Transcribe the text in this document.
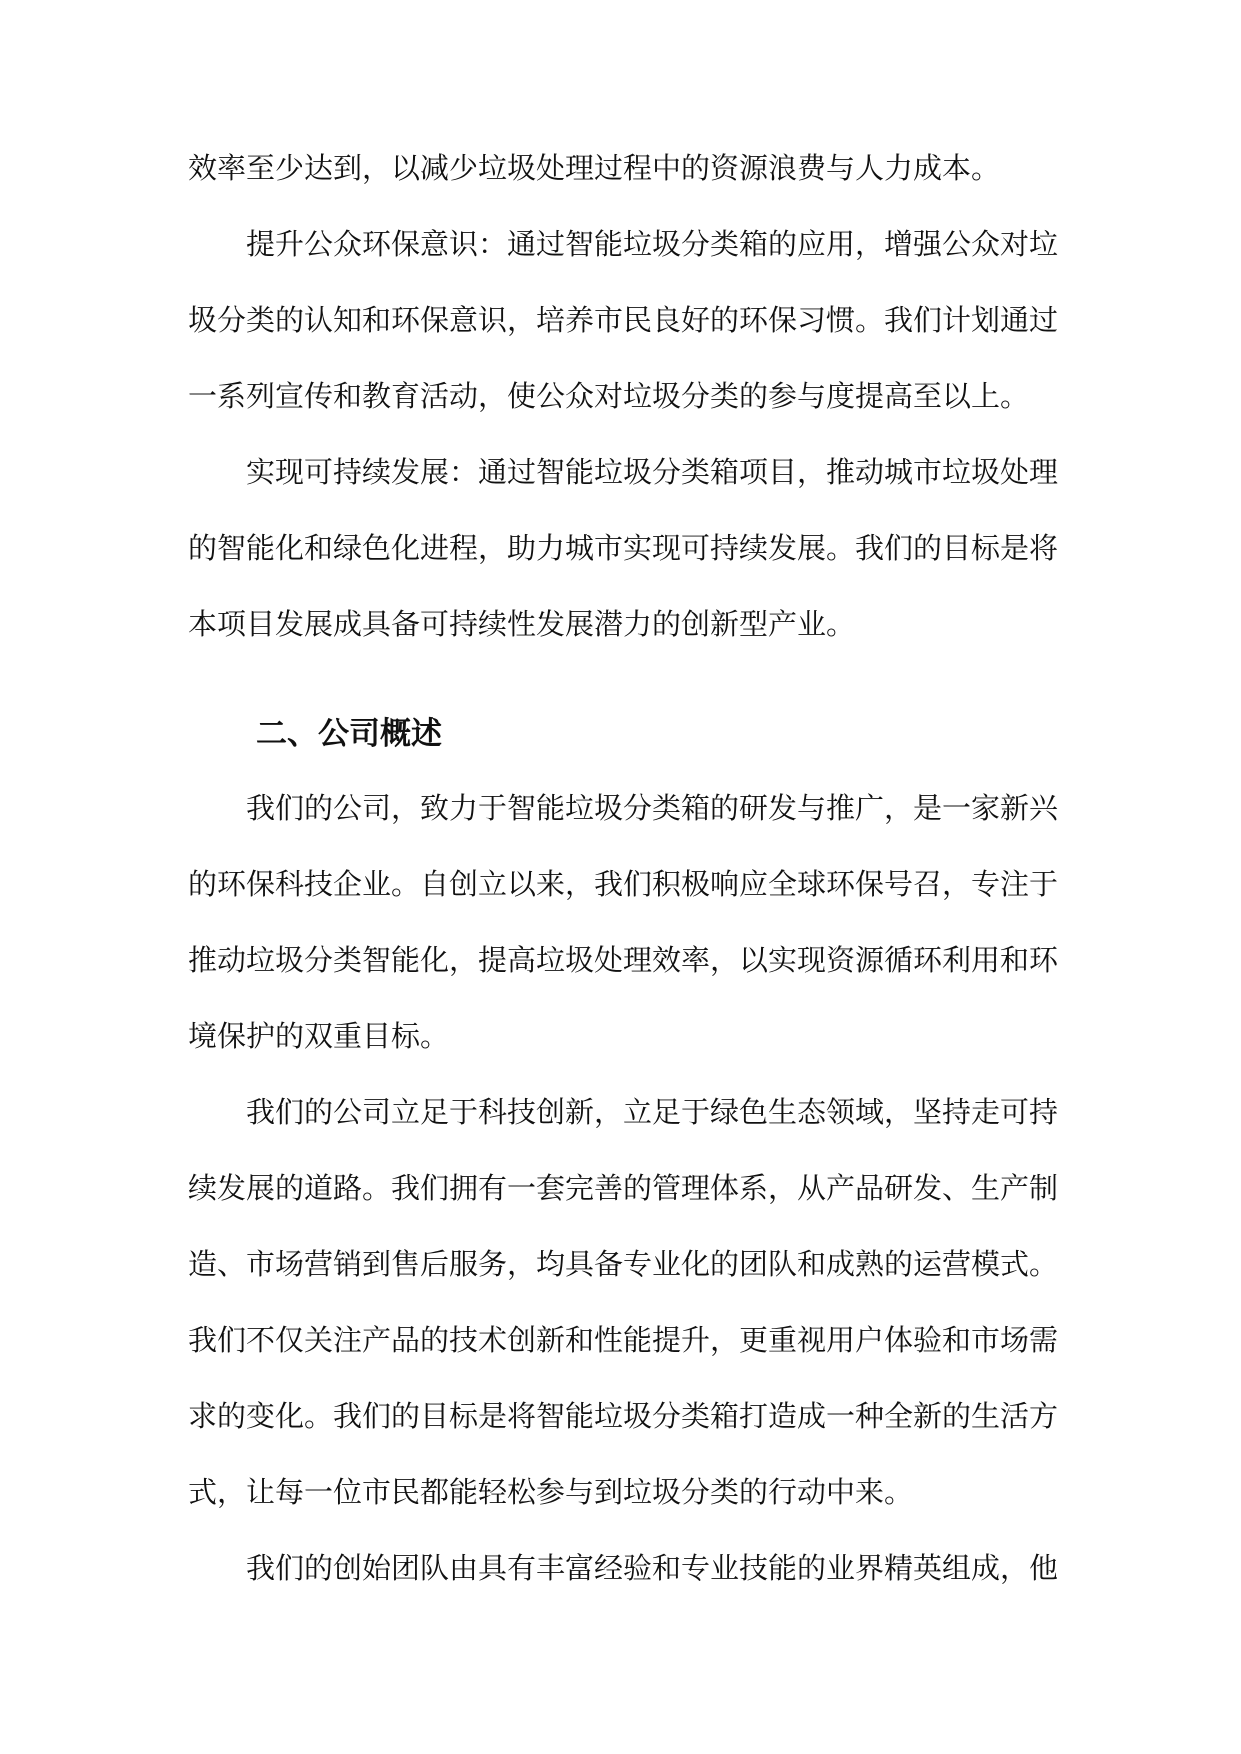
效率至少达到，以减少垃圾处理过程中的资源浪费与人力成本。
提升公众环保意识：通过智能垃圾分类箱的应用，增强公众对垃
圾分类的认知和环保意识，培养市民良好的环保习惯。我们计划通过
一系列宣传和教育活动，使公众对垃圾分类的参与度提高至以上。
实现可持续发展：通过智能垃圾分类箱项目，推动城市垃圾处理
的智能化和绿色化进程，助力城市实现可持续发展。我们的目标是将
本项目发展成具备可持续性发展潜力的创新型产业。
二、公司概述
我们的公司，致力于智能垃圾分类箱的研发与推广，是一家新兴
的环保科技企业。自创立以来，我们积极响应全球环保号召，专注于
推动垃圾分类智能化，提高垃圾处理效率，以实现资源循环利用和环
境保护的双重目标。
我们的公司立足于科技创新，立足于绿色生态领域，坚持走可持
续发展的道路。我们拥有一套完善的管理体系，从产品研发、生产制
造、市场营销到售后服务，均具备专业化的团队和成熟的运营模式。
我们不仅关注产品的技术创新和性能提升，更重视用户体验和市场需
求的变化。我们的目标是将智能垃圾分类箱打造成一种全新的生活方
式，让每一位市民都能轻松参与到垃圾分类的行动中来。
我们的创始团队由具有丰富经验和专业技能的业界精英组成，他
